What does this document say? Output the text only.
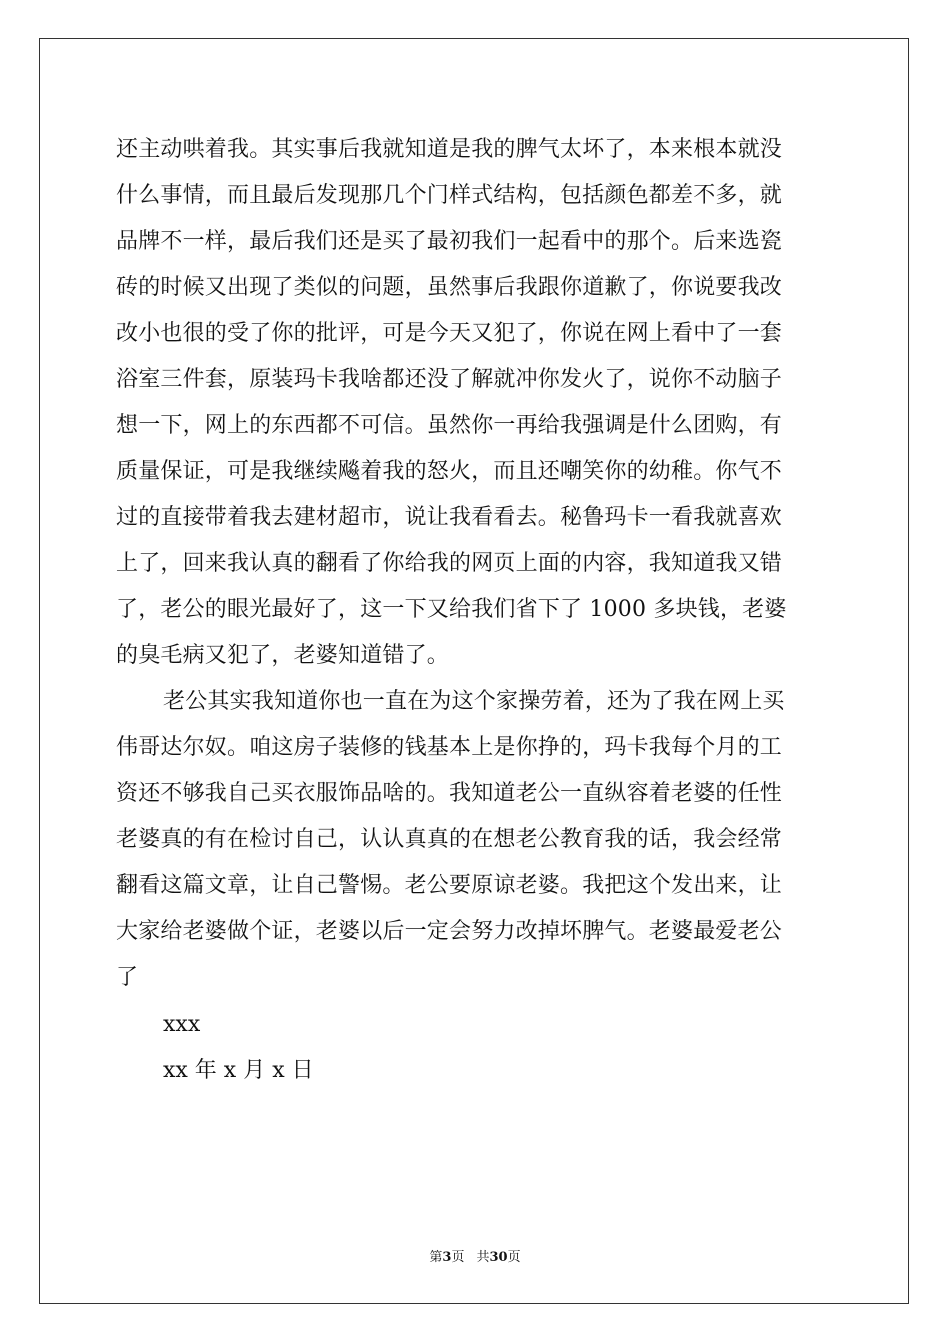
还主动哄着我。其实事后我就知道是我的脾气太坏了，本来根本就没
什么事情，而且最后发现那几个门样式结构，包括颜色都差不多，就
品牌不一样，最后我们还是买了最初我们一起看中的那个。后来选瓷
砖的时候又出现了类似的问题，虽然事后我跟你道歉了，你说要我改
改小也很的受了你的批评，可是今天又犯了，你说在网上看中了一套
浴室三件套，原装玛卡我啥都还没了解就冲你发火了，说你不动脑子
想一下，网上的东西都不可信。虽然你一再给我强调是什么团购，有
质量保证，可是我继续飚着我的怒火，而且还嘲笑你的幼稚。你气不
过的直接带着我去建材超市，说让我看看去。秘鲁玛卡一看我就喜欢
上了，回来我认真的翻看了你给我的网页上面的内容，我知道我又错
了，老公的眼光最好了，这一下又给我们省下了 1000 多块钱，老婆
的臭毛病又犯了，老婆知道错了。
老公其实我知道你也一直在为这个家操劳着，还为了我在网上买
伟哥达尔奴。咱这房子装修的钱基本上是你挣的，玛卡我每个月的工
资还不够我自己买衣服饰品啥的。我知道老公一直纵容着老婆的任性
老婆真的有在检讨自己，认认真真的在想老公教育我的话，我会经常
翻看这篇文章，让自己警惕。老公要原谅老婆。我把这个发出来，让
大家给老婆做个证，老婆以后一定会努力改掉坏脾气。老婆最爱老公
了
xxx
xx 年 x 月 x 日
第3页 共30页
